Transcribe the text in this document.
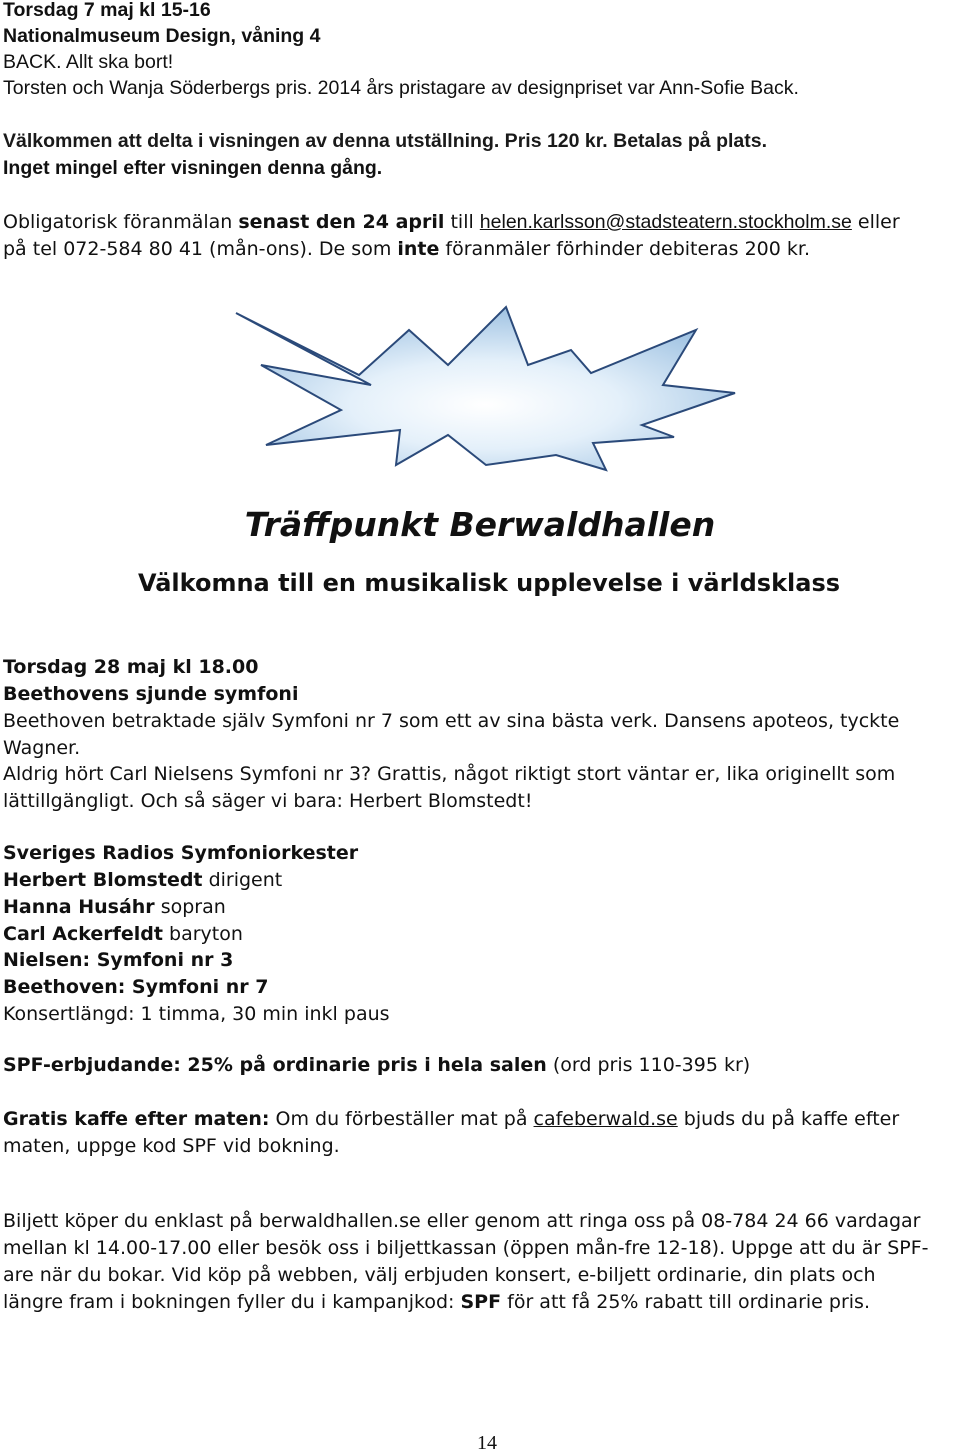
Torsdag 7 maj kl 15-16
Nationalmuseum Design, våning 4
BACK. Allt ska bort!
Torsten och Wanja Söderbergs pris. 2014 års pristagare av designpriset var Ann-Sofie Back.
Välkommen att delta i visningen av denna utställning. Pris 120 kr. Betalas på plats.
Inget mingel efter visningen denna gång.
Obligatorisk föranmälan senast den 24 april till helen.karlsson@stadsteatern.stockholm.se eller
på tel 072-584 80 41 (mån-ons). De som inte föranmäler förhinder debiteras 200 kr.
Träffpunkt Berwaldhallen
Välkomna till en musikalisk upplevelse i världsklass
Torsdag 28 maj kl 18.00
Beethovens sjunde symfoni
Beethoven betraktade själv Symfoni nr 7 som ett av sina bästa verk. Dansens apoteos, tyckte
Wagner.
Aldrig hört Carl Nielsens Symfoni nr 3? Grattis, något riktigt stort väntar er, lika originellt som
lättillgängligt. Och så säger vi bara: Herbert Blomstedt!
Sveriges Radios Symfoniorkester
Herbert Blomstedt dirigent
Hanna Husáhr sopran
Carl Ackerfeldt baryton
Nielsen: Symfoni nr 3
Beethoven: Symfoni nr 7
Konsertlängd: 1 timma, 30 min inkl paus
SPF-erbjudande: 25% på ordinarie pris i hela salen (ord pris 110-395 kr)
Gratis kaffe efter maten: Om du förbeställer mat på cafeberwald.se bjuds du på kaffe efter
maten, uppge kod SPF vid bokning.
Biljett köper du enklast på berwaldhallen.se eller genom att ringa oss på 08-784 24 66 vardagar
mellan kl 14.00-17.00 eller besök oss i biljettkassan (öppen mån-fre 12-18). Uppge att du är SPF-
are när du bokar. Vid köp på webben, välj erbjuden konsert, e-biljett ordinarie, din plats och
längre fram i bokningen fyller du i kampanjkod: SPF för att få 25% rabatt till ordinarie pris.
14
